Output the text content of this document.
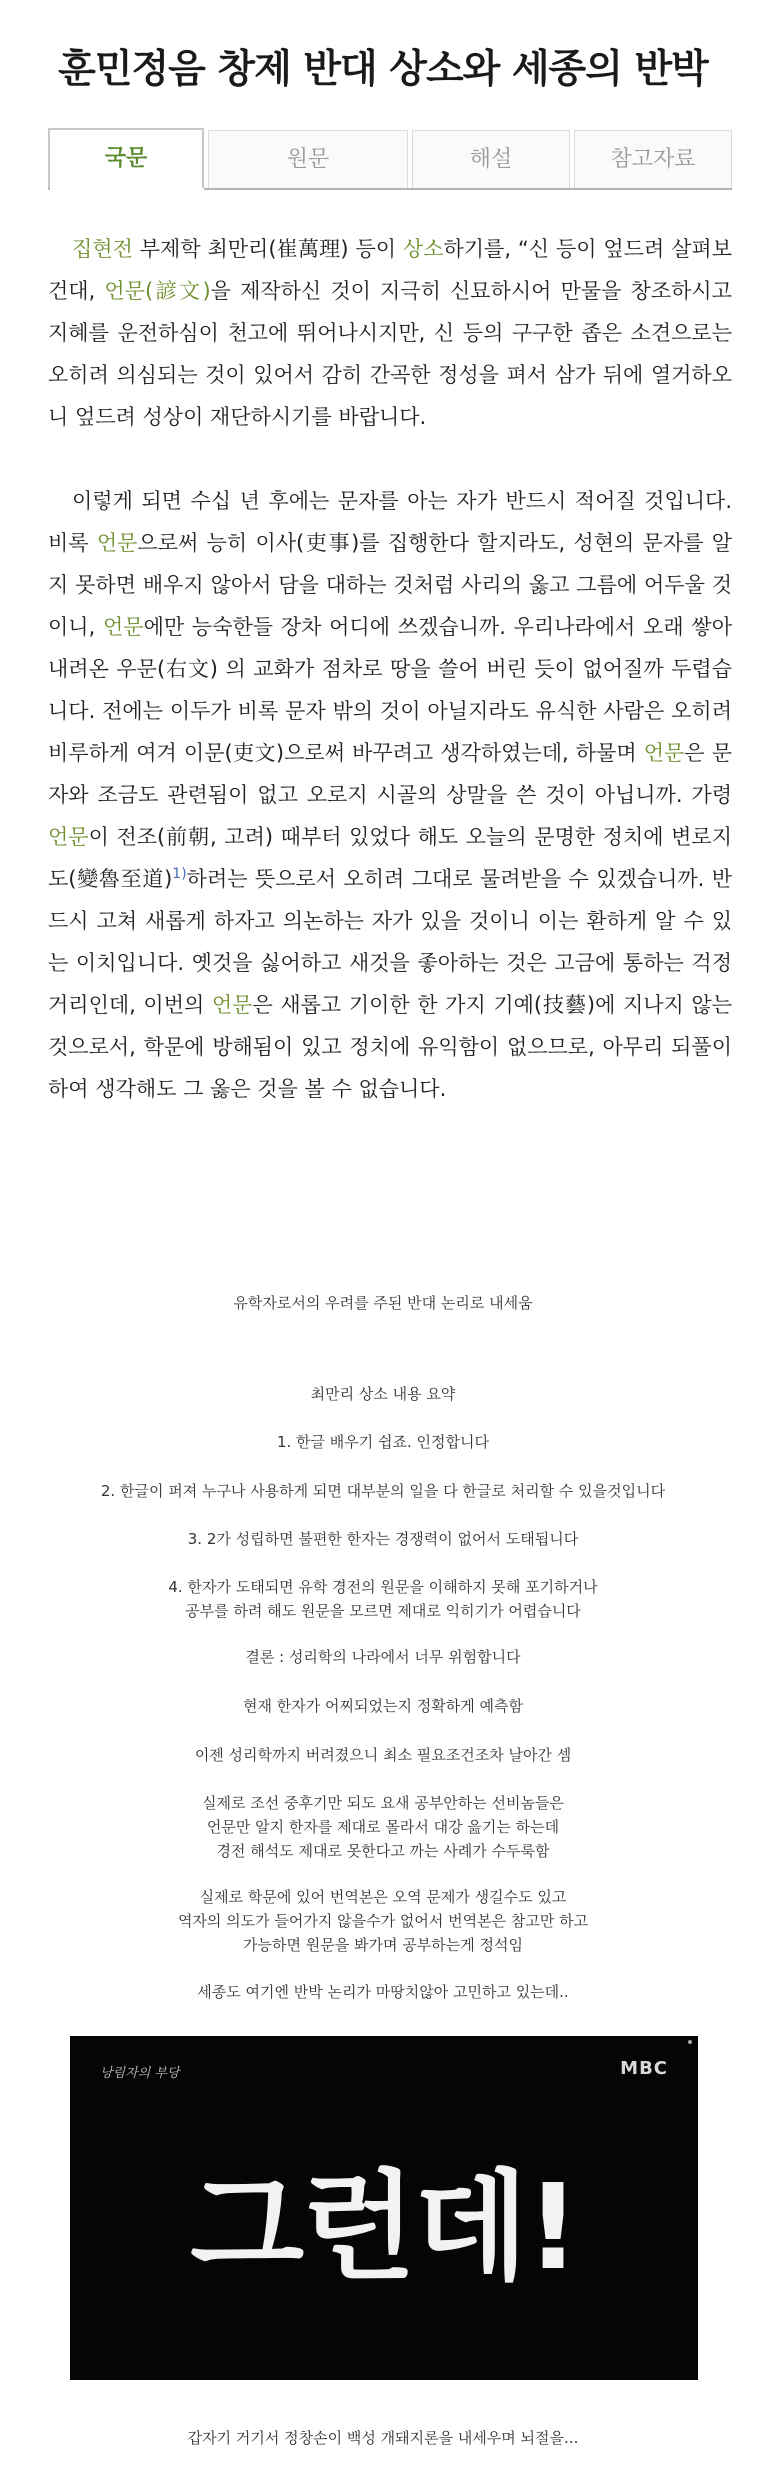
훈민정음 창제 반대 상소와 세종의 반박
국문	원문	해설	참고자료
집현전 부제학 최만리(崔萬理) 등이 상소하기를, “신 등이 엎드려 살펴보건대, 언문(諺文)을 제작하신 것이 지극히 신묘하시어 만물을 창조하시고 지혜를 운전하심이 천고에 뛰어나시지만, 신 등의 구구한 좁은 소견으로는 오히려 의심되는 것이 있어서 감히 간곡한 정성을 펴서 삼가 뒤에 열거하오니 엎드려 성상이 재단하시기를 바랍니다.
이렇게 되면 수십 년 후에는 문자를 아는 자가 반드시 적어질 것입니다. 비록 언문으로써 능히 이사(吏事)를 집행한다 할지라도, 성현의 문자를 알지 못하면 배우지 않아서 담을 대하는 것처럼 사리의 옳고 그름에 어두울 것이니, 언문에만 능숙한들 장차 어디에 쓰겠습니까. 우리나라에서 오래 쌓아 내려온 우문(右文) 의 교화가 점차로 땅을 쓸어 버린 듯이 없어질까 두렵습니다. 전에는 이두가 비록 문자 밖의 것이 아닐지라도 유식한 사람은 오히려 비루하게 여겨 이문(吏文)으로써 바꾸려고 생각하였는데, 하물며 언문은 문자와 조금도 관련됨이 없고 오로지 시골의 상말을 쓴 것이 아닙니까. 가령 언문이 전조(前朝, 고려) 때부터 있었다 해도 오늘의 문명한 정치에 변로지도(變魯至道)$^{1)}$하려는 뜻으로서 오히려 그대로 물려받을 수 있겠습니까. 반드시 고쳐 새롭게 하자고 의논하는 자가 있을 것이니 이는 환하게 알 수 있는 이치입니다. 옛것을 싫어하고 새것을 좋아하는 것은 고금에 통하는 걱정거리인데, 이번의 언문은 새롭고 기이한 한 가지 기예(技藝)에 지나지 않는 것으로서, 학문에 방해됨이 있고 정치에 유익함이 없으므로, 아무리 되풀이하여 생각해도 그 옳은 것을 볼 수 없습니다.
유학자로서의 우려를 주된 반대 논리로 내세움
최만리 상소 내용 요약
1. 한글 배우기 쉽죠. 인정합니다
2. 한글이 퍼져 누구나 사용하게 되면 대부분의 일을 다 한글로 처리할 수 있을것입니다
3. 2가 성립하면 불편한 한자는 경쟁력이 없어서 도태됩니다
4. 한자가 도태되면 유학 경전의 원문을 이해하지 못해 포기하거나
공부를 하려 해도 원문을 모르면 제대로 익히기가 어렵습니다
결론 : 성리학의 나라에서 너무 위험합니다
현재 한자가 어찌되었는지 정확하게 예측함
이젠 성리학까지 버려졌으니 최소 필요조건조차 날아간 셈
실제로 조선 중후기만 되도 요새 공부안하는 선비놈들은
언문만 알지 한자를 제대로 몰라서 대강 읊기는 하는데
경전 해석도 제대로 못한다고 까는 사례가 수두룩함
실제로 학문에 있어 번역본은 오역 문제가 생길수도 있고
역자의 의도가 들어가지 않을수가 없어서 번역본은 참고만 하고
가능하면 원문을 봐가며 공부하는게 정석임
세종도 여기엔 반박 논리가 마땅치않아 고민하고 있는데..
낭림자의 부당	MBC
그런데!
갑자기 거기서 정창손이 백성 개돼지론을 내세우며 뇌절을...
